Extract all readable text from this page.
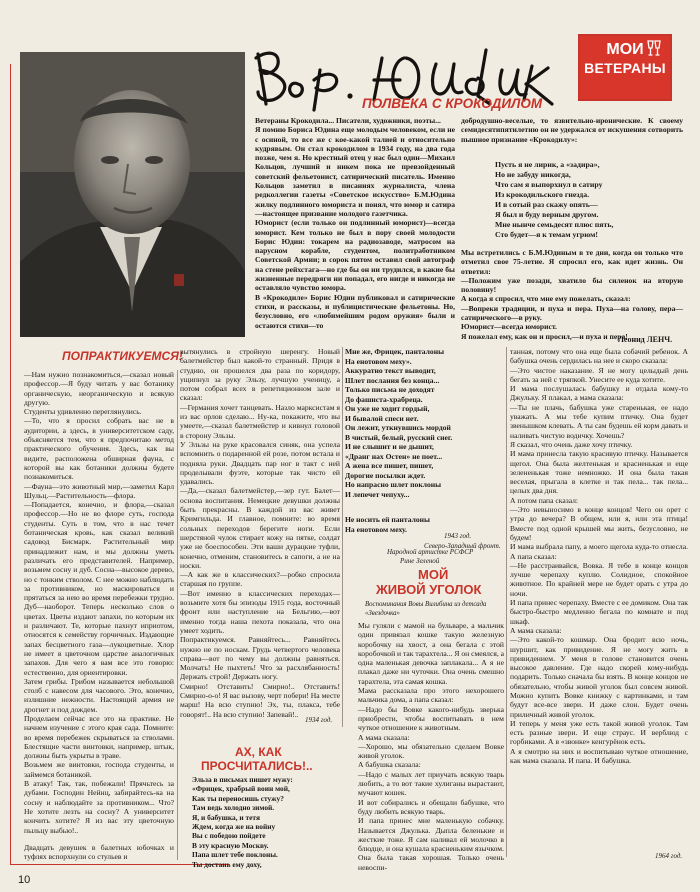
10
МОИ
ВЕТЕРАНЫ
ПОЛВЕКА С КРОКОДИЛОМ
Ветераны Крокодила... Писатели, художники, поэты...
Я помню Бориса Юдина еще молодым человеком, если не с осиной, то все же с кое-какой талией и относительно кудрявым. Он стал крокодилом в 1934 году, на два года позже, чем я. Но крестный отец у нас был один—Михаил Кольцов, лучший и никем пока не превзойденный советский фельетонист, сатирический писатель. Именно Кольцов заметил в писаниях журналиста, члена редколлегии газеты «Советское искусство» Б.М.Юдина жилку подлинного юмориста и понял, что юмор и сатира—настоящее призвание молодого газетчика.
Юморист (если только он подлинный юморист)—всегда юморист. Кем только не был в пору своей молодости Борис Юдин: токарем на радиозаводе, матросом на парусном корабле, студентом, политработником Советской Армии; в сорок пятом оставил свой автограф на стене рейхстага—но где бы он ни трудился, в какие бы жизненные передряги ни попадал, его нигде и никогда не оставляло чувство юмора.
В «Крокодиле» Борис Юдин публиковал и сатирические стихи, и рассказы, и публицистические фельетоны. Но, безусловно, его «любимейшим родом оружия» были и остаются стихи—то
добродушно-веселые, то язвительно-иронические. К своему семидесятипятилетию он не удержался от искушения сотворить пышное признание «Крокодилу»:
Пусть я не лирик, а «задира»,
Но не забуду никогда,
Что сам я выпорхнул в сатиру
Из крокодильского гнезда.
И в сотый раз скажу опять—
Я был и буду верным другом.
Мне нынче семьдесят плюс пять,
Сто будет—я к темам угрюм!
Мы встретились с Б.М.Юдиным в те дни, когда он только что отметил свое 75-летие. Я спросил его, как идет жизнь. Он ответил:
—Положим уже позади, хватило бы силенок на вторую половину!
А когда я спросил, что мне ему пожелать, сказал:
—Вопреки традиции, и пуха и пера. Пуха—на голову, пера—сатирического—в руку.
Юморист—всегда юморист.
Я пожелал ему, как он и просил,—и пуха и пера!
Леонид ЛЕНЧ.
ПОПРАКТИКУЕМСЯ!
—Нам нужно познакомиться,—сказал новый профессор.—Я буду читать у вас ботанику органическую, неорганическую и всякую другую.
Студенты удивленно переглянулись.
—То, что я просил собрать вас не в аудитории, а здесь, в университетском саду, объясняется тем, что я предпочитаю метод практического обучения. Здесь, как вы видите, расположена обширная фауна, с которой вы как ботаники должны будете познакомиться.
—Фауна—это животный мир,—заметил Карл Шульц.—Растительность—флора.
—Попадается, конечно, и флора,—сказал профессор.—Но не во флоре суть, господа студенты. Суть в том, что в нас течет ботаническая кровь, как сказал великий садовод Бисмарк. Растительный мир принадлежит нам, и мы должны уметь различать его представителей. Например, возьмем сосну и дуб. Сосна—высокое дерево, но с тонким стволом. С нее можно наблюдать за противником, но маскироваться и прятаться за нею во время перебежки трудно. Дуб—наоборот. Теперь несколько слов о цветах. Цветы издают запахи, по которым их и различают. Те, которые пахнут иприотом, относятся к семейству горчичных. Издающие запах бесцветного газа—лукоцветные. Хлор не имеет в цветочном царстве аналогичных запахов. Для чего я вам все это говорю: естественно, для ориентировки.
Затем грибы. Грибом называется небольшой столб с навесом для часового. Это, конечно, излишние нежности. Настоящий армия не дрогнет и под дождем.
Проделаем сейчас все это на практике. Не начнем изучение с этого края сада. Помните: во время перебежек скрываться за стволами. Блестящие части винтовки, например, штык, должны быть укрыты в траве.
Возьмем же винтовки, господа студенты, и займемся ботаникой.
В атаку! Так, так, побежали! Прячьтесь за дубами. Господин Нейнц, забирайтесь-ка на сосну и наблюдайте за противником... Что? Не хотите лезть на сосну? А университет кончить хотите? Я из вас эту цветочную пыльцу выбью!..
Двадцать девушек в балетных юбочках и туфлях вспорхнули со стульев и
вытянулись в стройную шеренгу. Новый балетмейстер был какой-то странный. Придя в студию, он прошелся два раза по коридору, ущипнул за руку Эльзу, лучшую ученицу, а потом собрал всех в репетиционном зале и сказал:
—Германия хочет танцевать. Назло марксистам я из вас орлов сделаю... Ну-ка, покажите, что вы умеете,—сказал балетмейстер и кивнул головой в сторону Эльзы.
У Эльзы на руке красовался синяк, она успела вспомнить о подаренной ей розе, потом встала и подняла руки. Двадцать пар ног в такт с ней проделывали фуэте, которые так чисто ей удавались.
—Да,—сказал балетмейстер,—зер гут. Балет—основа воспитания. Немецкие девушки должны быть прекрасны. В каждой из вас живет Кримгильда. И главное, помните: во время сольных переходов берегите ноги. Если шерстяной чулок стирает кожу на пятке, солдат уже не боеспособен. Эти ваши дурацкие туфли, конечно, отменим, становитесь в сапоги, а не на носки.
—А как же в классических?—робко спросила старшая по группе.
—Вот именно в классических переходах—возьмите хотя бы эпизоды 1915 года, восточный фронт или наступление на Бельгию,—вот именно тогда наша пехота показала, что она умеет ходить.
Попрактикуемся. Равняйтесь... Равняйтесь нужно не по носкам. Грудь четвертого человека справа—вот по чему вы должны равняться. Молчать! Не пыхтеть! Что за расхлябанность! Держать строй! Держать ногу.
Смирно! Отставить! Смирно!.. Отставить! Смирно-о-о! Я вас вызову, черт побери! На месте марш! На всю ступню! Эх, ты, плакса, тебе говорят!.. На всю ступню! Запевай!..
1934 год.
АХ, КАК
ПРОСЧИТАЛИСЬ!..
Эльза в письмах пишет мужу:
«Фрицек, храбрый воин мой,
Как ты переносишь стужу?
Там ведь холодно зимой.
Я, и бабушка, и тетя
Ждем, когда же на войну
Вы с победою пойдете
В эту красную Москву.
Папа шлет тебе поклоны.
Ты достань ему доху,
Мне же, Фрицек, панталоны
На енотовом меху».
Аккуратно текст выводит,
Шлет послания без конца...
Только письма не доходят
До фашиста-храбреца.
Он уже не ходит гордый,
И бывалой спеси нет.
Он лежит, уткнувшись мордой
В чистый, белый, русский снег.
И не слышит и не дышит,
«Дранг нах Остен» не поет...
А жена все пишет, пишет,
Дорогие посылки ждет.
Но напрасно шлет поклоны
И лепечет чепуху...
Не носить ей панталоны
На енотовом меху.
1943 год.
Северо-Западный фронт.
Народной артистке РСФСР
Рине Зеленой
МОЙ
ЖИВОЙ УГОЛОК
Воспоминания Вовы Вилибина из детсада «Звездочка»
Мы гуляли с мамой на бульваре, а мальчик один привязал кошке такую железную коробочку на хвост, а она бегала с этой коробочкой и так тарахтела... Я он смеялся, а одна маленькая девочка заплакала... А я не плакал даже ни чуточки. Она очень смешно тарахтела, эта самая кошка.
Мама рассказала про этого нехорошего мальчика дома, а папа сказал:
—Надо бы Вовке какого-нибудь зверька приобрести, чтобы воспитывать в нем чуткое отношение к животным.
А мама сказала:
—Хорошо, мы обязательно сделаем Вовке живой уголок.
А бабушка сказала:
—Надо с малых лет приучать всякую тварь любить, а то вот такие хулиганы вырастают, мучают кошек.
И вот собирались и обещали бабушке, что буду любить всякую тварь.
И папа принес мне маленькую собачку. Называется Джулька. Дыпла беленькие и жесткие тоже. Я сам наливал ей молочко в блюдце, и она кушала красненьким язычком. Она была такая хорошая. Только очень невоспи-
танная, потому что она еще была собачий ребенок. А бабушка очень сердилась на нее и скоро сказала:
—Это чистое наказание. Я не могу целыдый день бегать за ней с тряпкой. Унесите ее куда хотите.
И мама послушалась бабушку и отдала кому-то Джульку. Я плакал, а мама сказала:
—Ты не плачь, бабушка уже старенькая, ее надо уважать. А мы тебе купим птичку. Она будет звенышком клевать. А ты сам будешь ей корм давать и наливать чистую водичку. Хочешь?
Я сказал, что очень даже хочу птичку.
И мама принесла такую красивую птичку. Называется щегол. Она была желтенькая и красненькая и еще зелененькая тоже немножко. И она была такая веселая, прыгала в клетке и так пела... так пела... целых два дня.
А потом папа сказал:
—Это невыносимо в конце концов! Чего он орет с утра до вечера? В общем, или я, или эта птица! Вместе под одной крышей мы жить, безусловно, не будем!
И мама выбрала папу, а моего щегола куда-то отнесла. А папа сказал:
—Не расстраивайся, Вовка. Я тебе в конце концов лучше черепаху куплю. Солидное, спокойное животное. По крайней мере не будет орать с утра до ночи.
И папа принес черепаху. Вместе с ее домиком. Она так быстро-быстро медленно бегала по комнате и под шкаф.
А мама сказала:
—Это какой-то кошмар. Она бродит всю ночь, шуршит, как привидение. Я не могу жить в привидением. У меня в голове становится очень высокое давление. Где надо скорей кому-нибудь подарить. Только сначала бы взять. В конце концов не обязательно, чтобы живой уголок был совсем живой. Можно купить Вовке книжку с картинками, и там будут все-все звери. И даже слон. Будет очень приличный живой уголок.
И теперь у меня уже есть такой живой уголок. Там есть разные звери. И еще страус. И верблюд с горбиками. А в «звонке» кенгурёнок есть.
А я смотрю на них и воспитываю чуткое отношение, как мама сказала. И папа. И бабушка.
1964 год.
